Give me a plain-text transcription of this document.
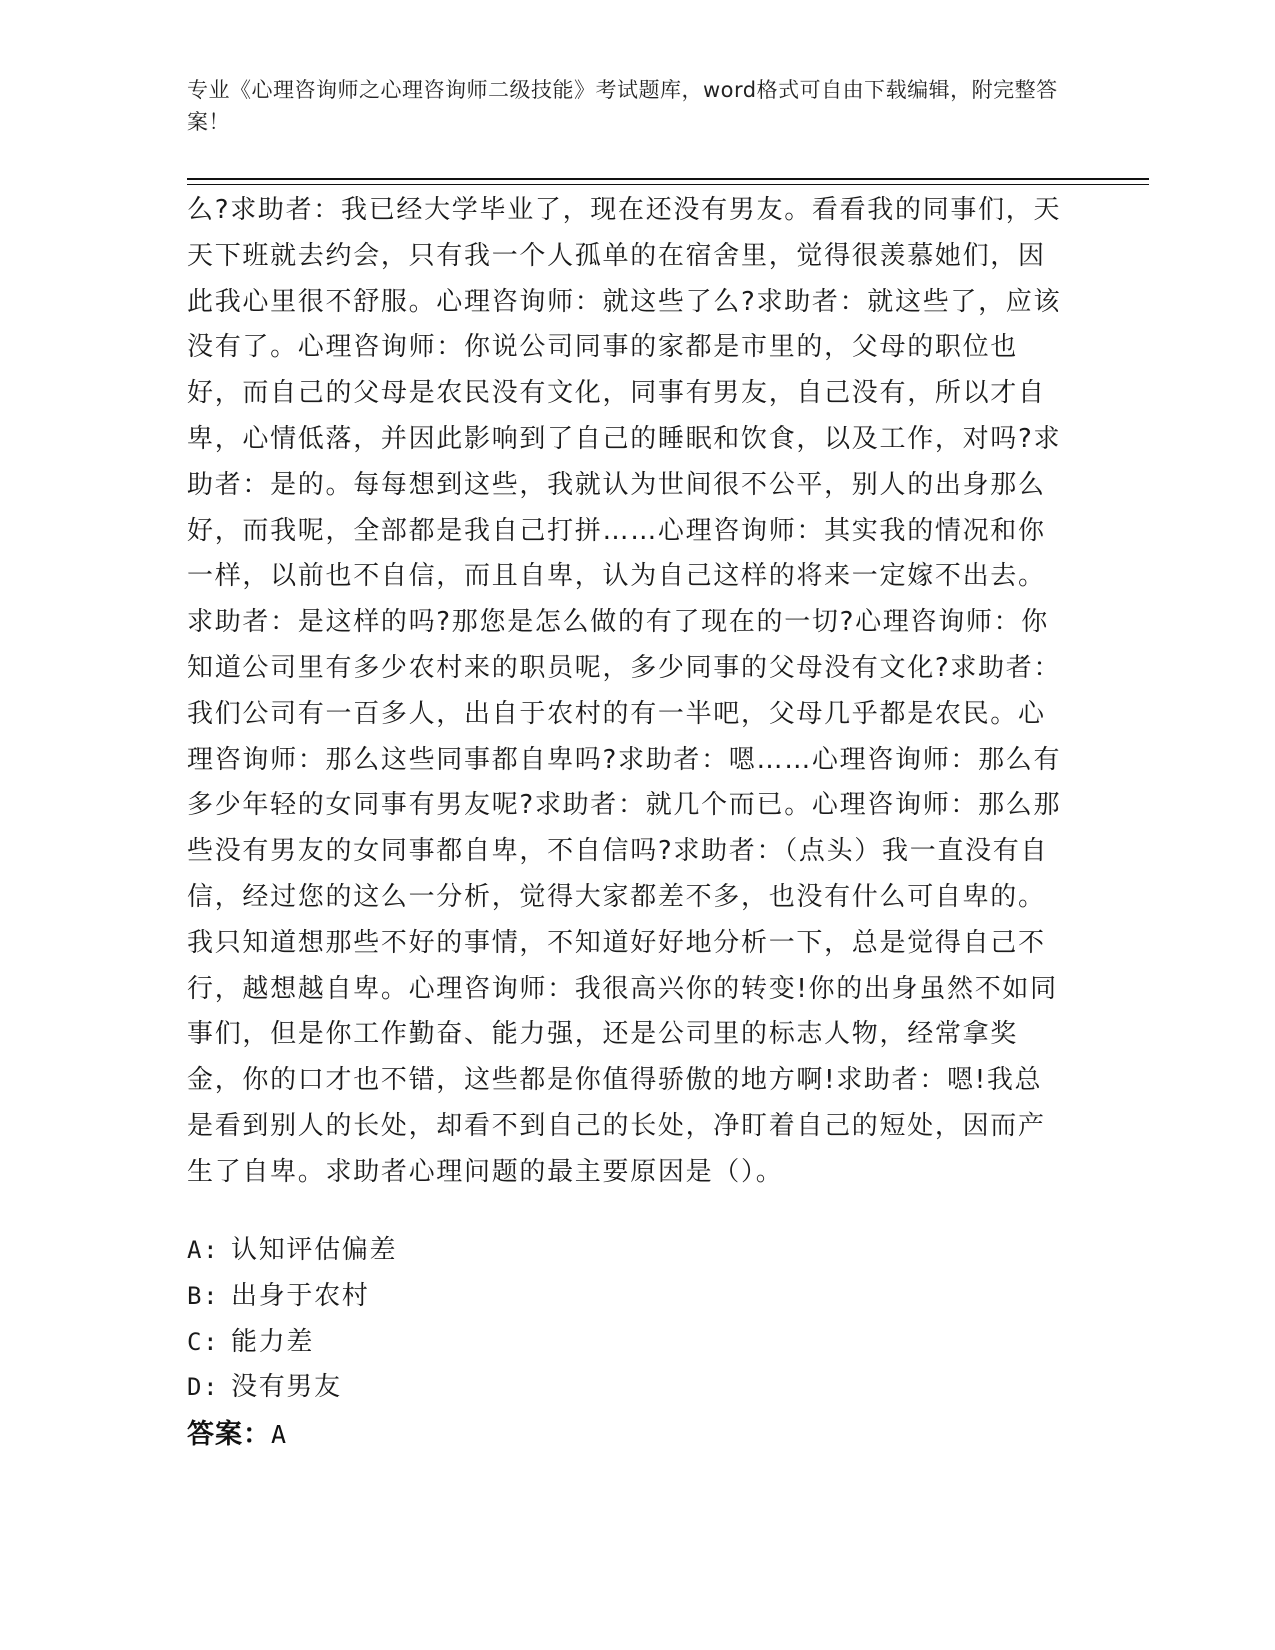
专业《心理咨询师之心理咨询师二级技能》考试题库，word格式可自由下载编辑，附完整答案！
么?求助者：我已经大学毕业了，现在还没有男友。看看我的同事们，天天下班就去约会，只有我一个人孤单的在宿舍里，觉得很羡慕她们，因此我心里很不舒服。心理咨询师：就这些了么?求助者：就这些了，应该没有了。心理咨询师：你说公司同事的家都是市里的，父母的职位也好，而自己的父母是农民没有文化，同事有男友，自己没有，所以才自卑，心情低落，并因此影响到了自己的睡眠和饮食，以及工作，对吗?求助者：是的。每每想到这些，我就认为世间很不公平，别人的出身那么好，而我呢，全部都是我自己打拼……心理咨询师：其实我的情况和你一样，以前也不自信，而且自卑，认为自己这样的将来一定嫁不出去。求助者：是这样的吗?那您是怎么做的有了现在的一切?心理咨询师：你知道公司里有多少农村来的职员呢，多少同事的父母没有文化?求助者：我们公司有一百多人，出自于农村的有一半吧，父母几乎都是农民。心理咨询师：那么这些同事都自卑吗?求助者：嗯……心理咨询师：那么有多少年轻的女同事有男友呢?求助者：就几个而已。心理咨询师：那么那些没有男友的女同事都自卑，不自信吗?求助者：（点头）我一直没有自信，经过您的这么一分析，觉得大家都差不多，也没有什么可自卑的。我只知道想那些不好的事情，不知道好好地分析一下，总是觉得自己不行，越想越自卑。心理咨询师：我很高兴你的转变!你的出身虽然不如同事们，但是你工作勤奋、能力强，还是公司里的标志人物，经常拿奖金，你的口才也不错，这些都是你值得骄傲的地方啊!求助者：嗯!我总是看到别人的长处，却看不到自己的长处，净盯着自己的短处，因而产生了自卑。求助者心理问题的最主要原因是（）。
A: 认知评估偏差
B: 出身于农村
C: 能力差
D: 没有男友
答案：A
